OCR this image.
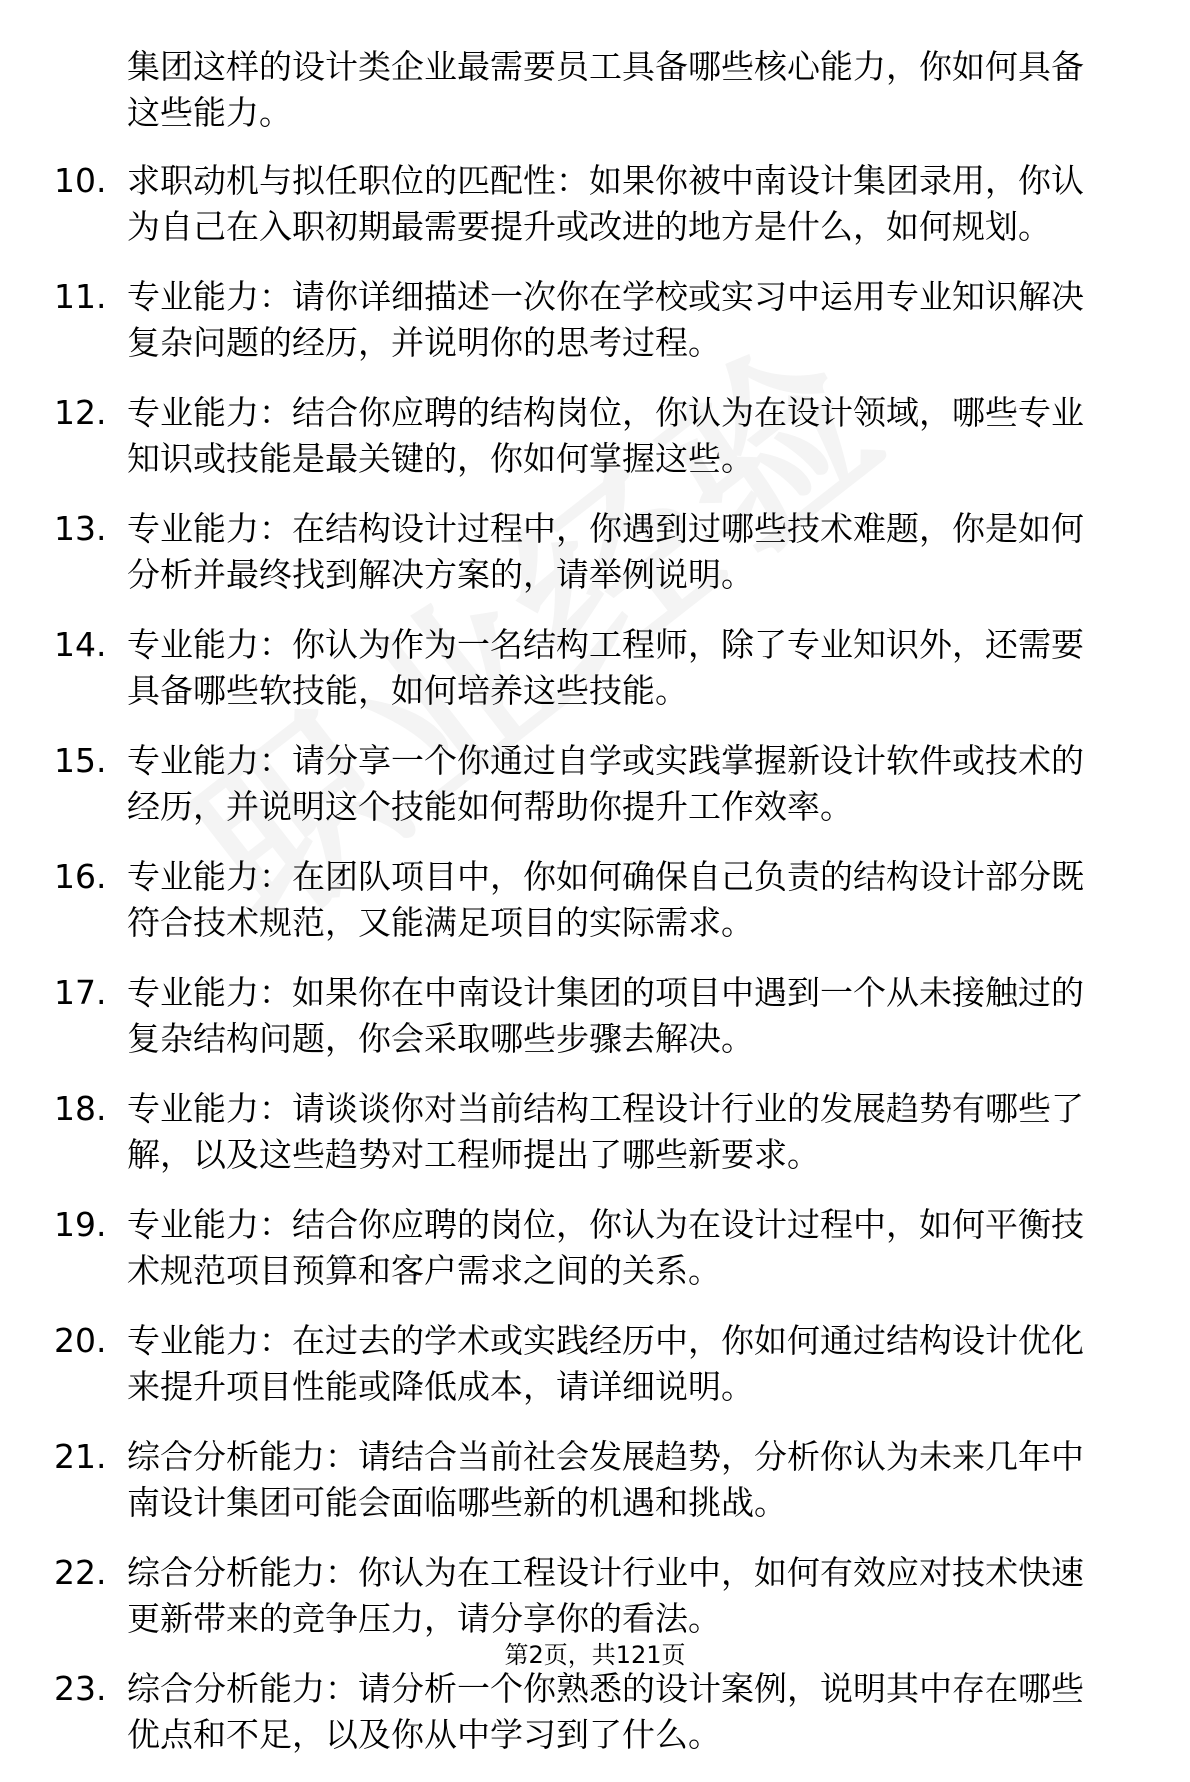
集团这样的设计类企业最需要员工具备哪些核心能力，你如何具备这些能力。
10. 求职动机与拟任职位的匹配性：如果你被中南设计集团录用，你认为自己在入职初期最需要提升或改进的地方是什么，如何规划。
11. 专业能力：请你详细描述一次你在学校或实习中运用专业知识解决复杂问题的经历，并说明你的思考过程。
12. 专业能力：结合你应聘的结构岗位，你认为在设计领域，哪些专业知识或技能是最关键的，你如何掌握这些。
13. 专业能力：在结构设计过程中，你遇到过哪些技术难题，你是如何分析并最终找到解决方案的，请举例说明。
14. 专业能力：你认为作为一名结构工程师，除了专业知识外，还需要具备哪些软技能，如何培养这些技能。
15. 专业能力：请分享一个你通过自学或实践掌握新设计软件或技术的经历，并说明这个技能如何帮助你提升工作效率。
16. 专业能力：在团队项目中，你如何确保自己负责的结构设计部分既符合技术规范，又能满足项目的实际需求。
17. 专业能力：如果你在中南设计集团的项目中遇到一个从未接触过的复杂结构问题，你会采取哪些步骤去解决。
18. 专业能力：请谈谈你对当前结构工程设计行业的发展趋势有哪些了解，以及这些趋势对工程师提出了哪些新要求。
19. 专业能力：结合你应聘的岗位，你认为在设计过程中，如何平衡技术规范项目预算和客户需求之间的关系。
20. 专业能力：在过去的学术或实践经历中，你如何通过结构设计优化来提升项目性能或降低成本，请详细说明。
21. 综合分析能力：请结合当前社会发展趋势，分析你认为未来几年中南设计集团可能会面临哪些新的机遇和挑战。
22. 综合分析能力：你认为在工程设计行业中，如何有效应对技术快速更新带来的竞争压力，请分享你的看法。
23. 综合分析能力：请分析一个你熟悉的设计案例，说明其中存在哪些优点和不足，以及你从中学习到了什么。
第2页，共121页
